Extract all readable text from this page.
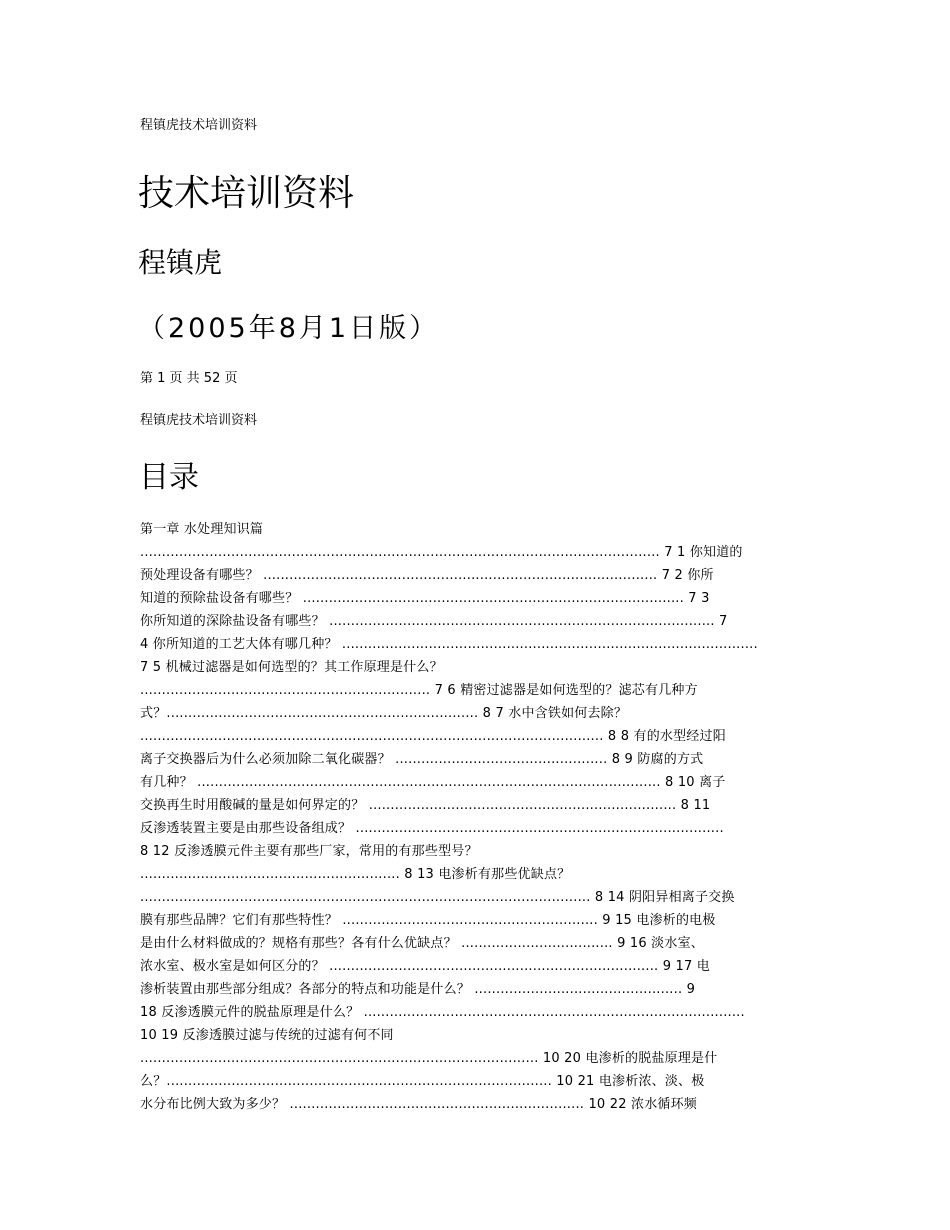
程镇虎技术培训资料
技术培训资料
程镇虎
（2005年8月1日版）
第 1 页 共 52 页
程镇虎技术培训资料
目录
第一章 水处理知识篇
........................................................................................................................ 7 1 你知道的
预处理设备有哪些？ ........................................................................................... 7 2 你所
知道的预除盐设备有哪些？ ........................................................................................ 7 3
你所知道的深除盐设备有哪些？ ......................................................................................... 7
4 你所知道的工艺大体有哪几种？ ................................................................................................
7 5 机械过滤器是如何选型的？其工作原理是什么？
................................................................... 7 6 精密过滤器是如何选型的？滤芯有几种方
式？........................................................................ 8 7 水中含铁如何去除？
........................................................................................................... 8 8 有的水型经过阳
离子交换器后为什么必须加除二氧化碳器？ ................................................. 8 9 防腐的方式
有几种？ ........................................................................................................... 8 10 离子
交换再生时用酸碱的量是如何界定的？ ....................................................................... 8 11
反渗透装置主要是由那些设备组成？ .....................................................................................
8 12 反渗透膜元件主要有那些厂家，常用的有那些型号？
............................................................ 8 13 电渗析有那些优缺点？
........................................................................................................ 8 14 阴阳异相离子交换
膜有那些品牌？它们有那些特性？ ........................................................... 9 15 电渗析的电极
是由什么材料做成的？规格有那些？各有什么优缺点？ ................................... 9 16 淡水室、
浓水室、极水室是如何区分的？ ............................................................................ 9 17 电
渗析装置由那些部分组成？各部分的特点和功能是什么？ ................................................ 9
18 反渗透膜元件的脱盐原理是什么？ ........................................................................................
10 19 反渗透膜过滤与传统的过滤有何不同
............................................................................................ 10 20 电渗析的脱盐原理是什
么？......................................................................................... 10 21 电渗析浓、淡、极
水分布比例大致为多少？ .................................................................... 10 22 浓水循环频
